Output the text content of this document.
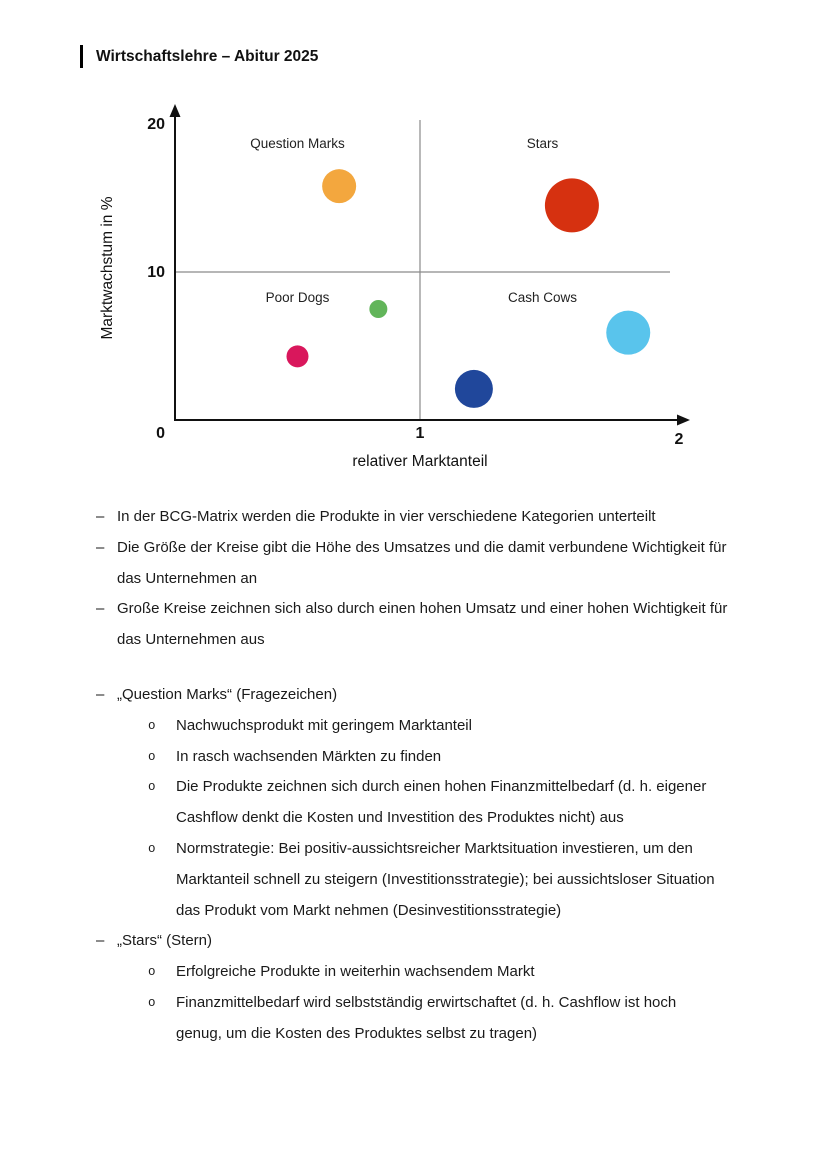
Wirtschaftslehre – Abitur 2025
Question Marks	Stars
Poor Dogs	Cash Cows
10
20
0	1	2
relativer Marktanteil
Marktwachstum in %
– In der BCG-Matrix werden die Produkte in vier verschiedene Kategorien unterteilt
– Die Größe der Kreise gibt die Höhe des Umsatzes und die damit verbundene Wichtigkeit für das Unternehmen an
– Große Kreise zeichnen sich also durch einen hohen Umsatz und einer hohen Wichtigkeit für das Unternehmen aus
– „Question Marks“ (Fragezeichen)
o	Nachwuchsprodukt mit geringem Marktanteil
o	In rasch wachsenden Märkten zu finden
o	Die Produkte zeichnen sich durch einen hohen Finanzmittelbedarf (d. h. eigener Cashflow denkt die Kosten und Investition des Produktes nicht) aus
o	Normstrategie: Bei positiv-aussichtsreicher Marktsituation investieren, um den Marktanteil schnell zu steigern (Investitionsstrategie); bei aussichtsloser Situation das Produkt vom Markt nehmen (Desinvestitionsstrategie)
– „Stars“ (Stern)
o	Erfolgreiche Produkte in weiterhin wachsendem Markt
o	Finanzmittelbedarf wird selbstständig erwirtschaftet (d. h. Cashflow ist hoch genug, um die Kosten des Produktes selbst zu tragen)
